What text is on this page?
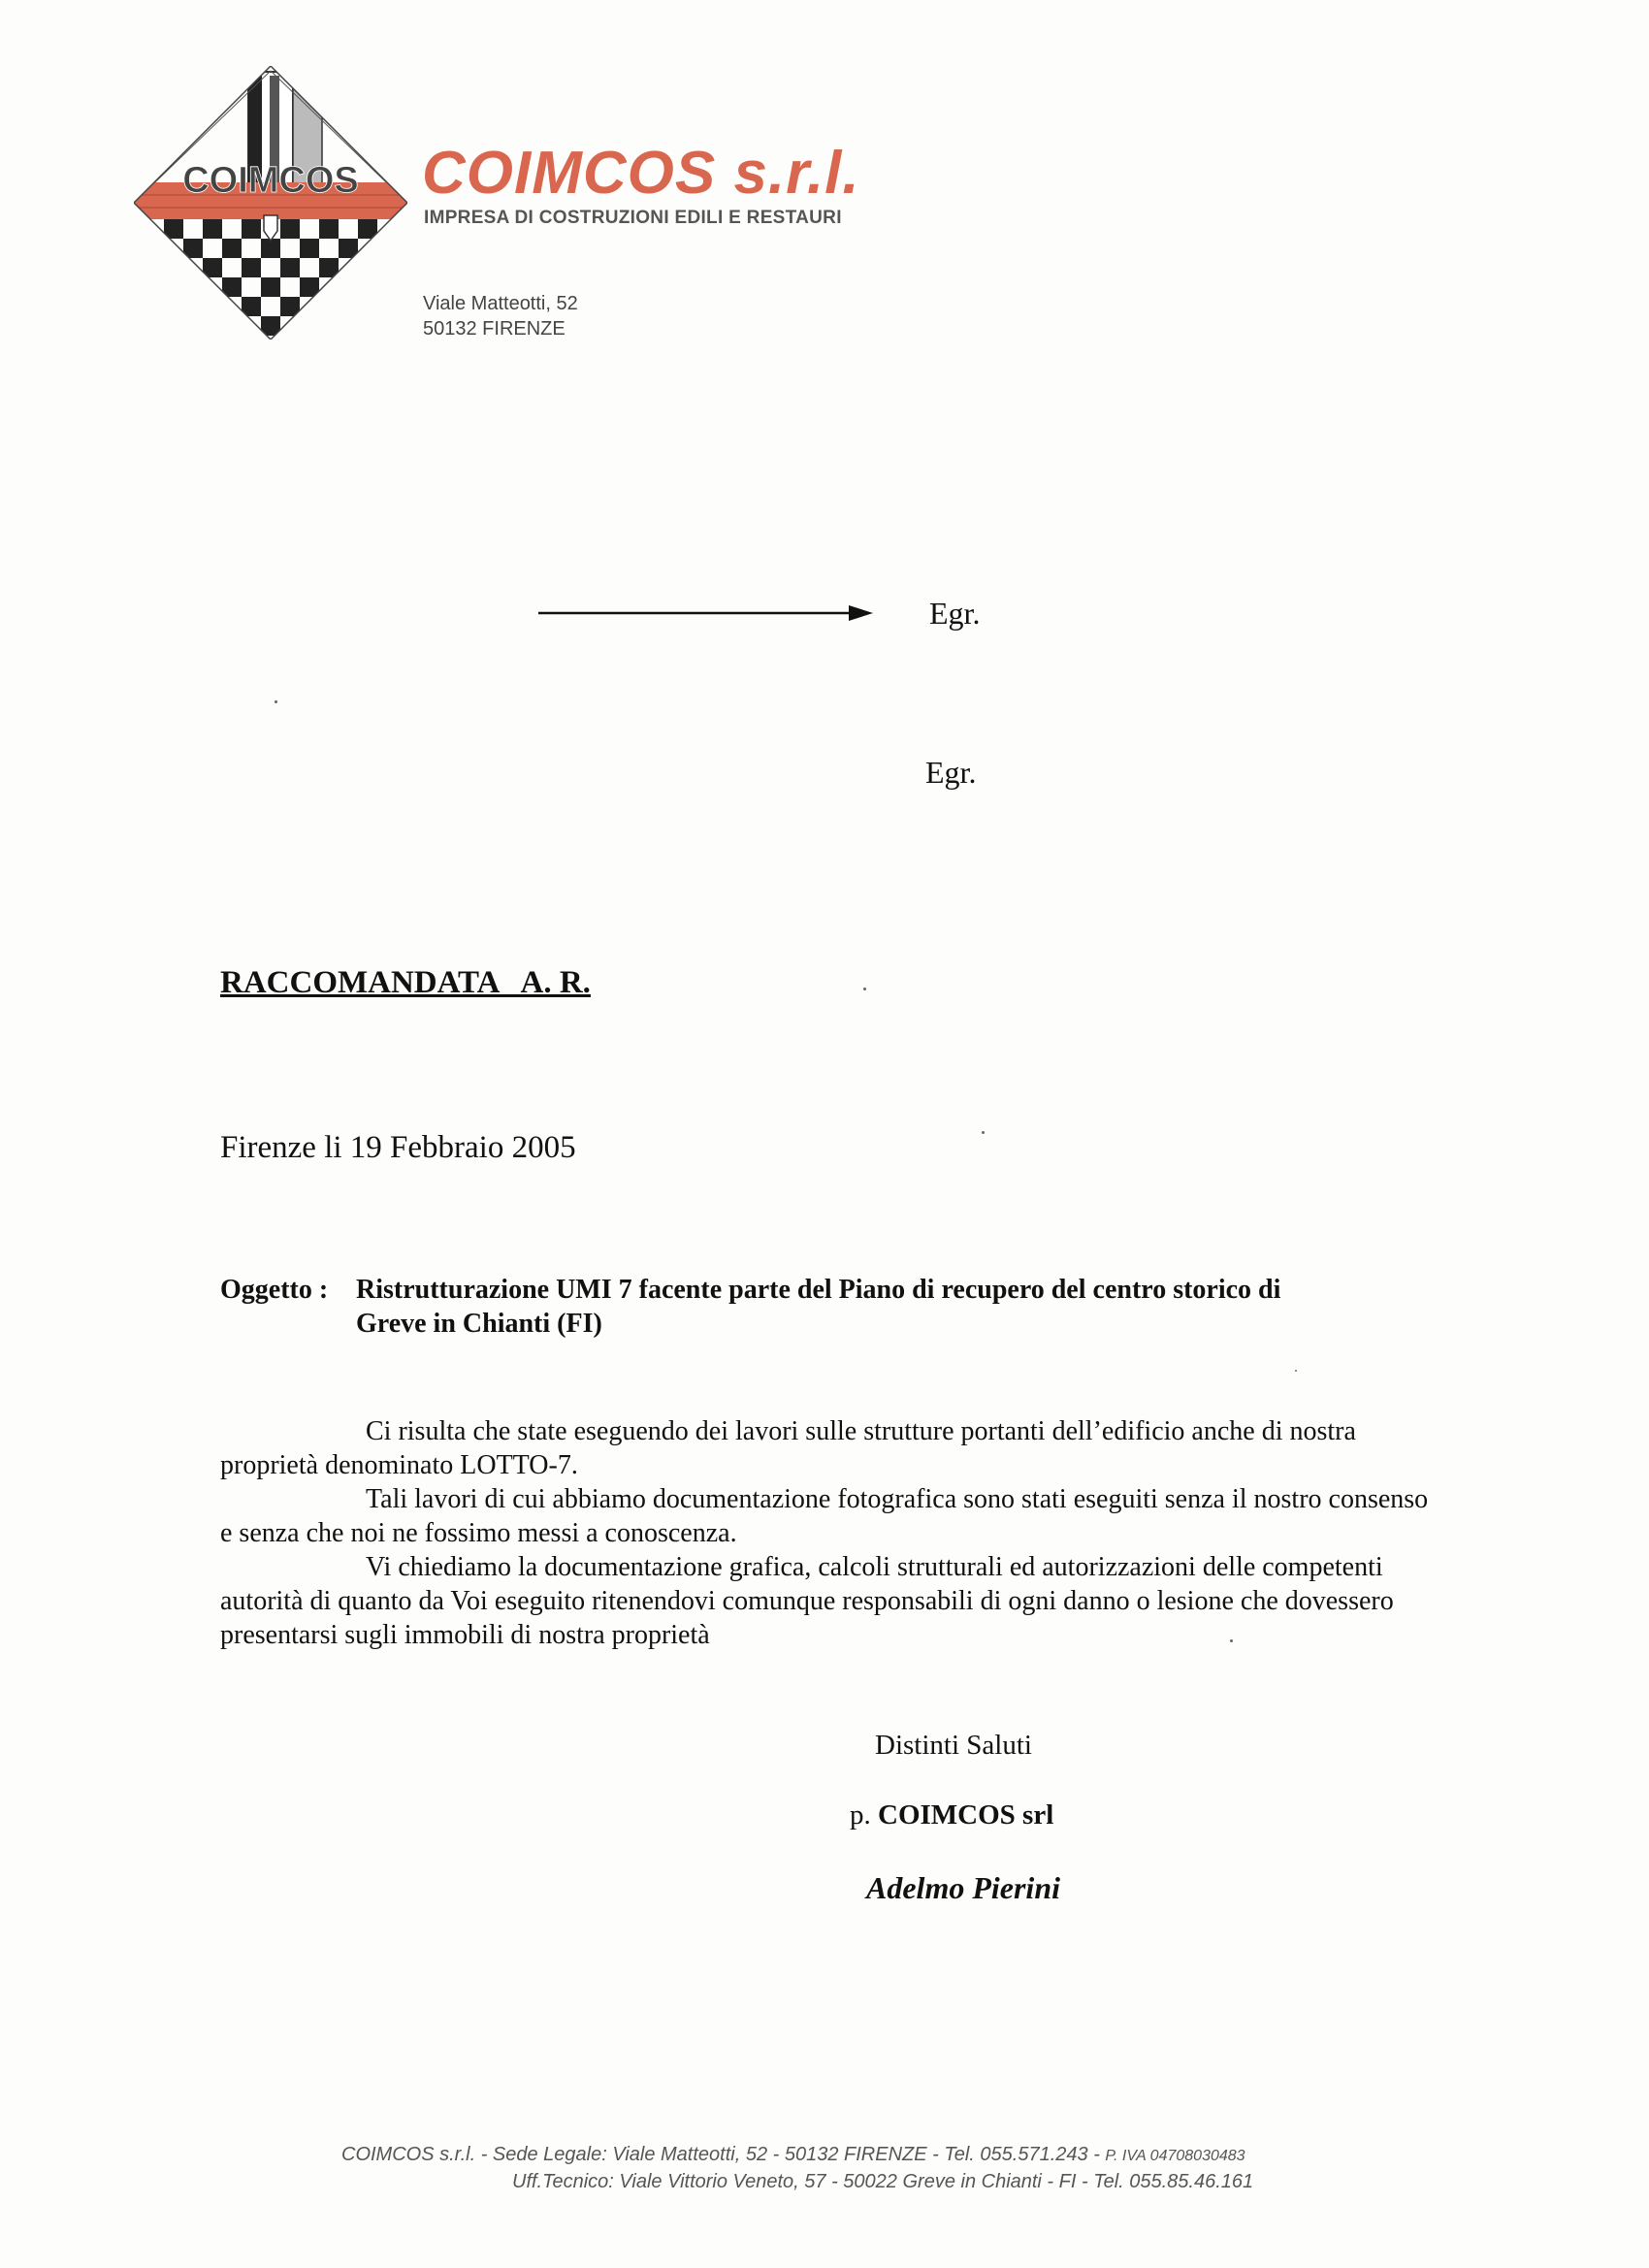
COIMCOS COIMCOS s.r.l.
IMPRESA DI COSTRUZIONI EDILI E RESTAURI
Viale Matteotti, 52
50132 FIRENZE
Egr.
Egr.
RACCOMANDATA   A. R.
Firenze li 19 Febbraio 2005
Oggetto : Ristrutturazione UMI 7 facente parte del Piano di recupero del centro storico di
Greve in Chianti (FI)
Ci risulta che state eseguendo dei lavori sulle strutture portanti dell’edificio anche di nostra proprietà denominato LOTTO-7.
Tali lavori di cui abbiamo documentazione fotografica sono stati eseguiti senza il nostro consenso e senza che noi ne fossimo messi a conoscenza.
Vi chiediamo la documentazione grafica, calcoli strutturali ed autorizzazioni delle competenti autorità di quanto da Voi eseguito ritenendovi comunque responsabili di ogni danno o lesione che dovessero presentarsi sugli immobili di nostra proprietà
Distinti Saluti
p. COIMCOS srl
Adelmo Pierini
COIMCOS s.r.l. - Sede Legale: Viale Matteotti, 52 - 50132 FIRENZE - Tel. 055.571.243 - P. IVA 04708030483
Uff.Tecnico: Viale Vittorio Veneto, 57 - 50022 Greve in Chianti - FI - Tel. 055.85.46.161
